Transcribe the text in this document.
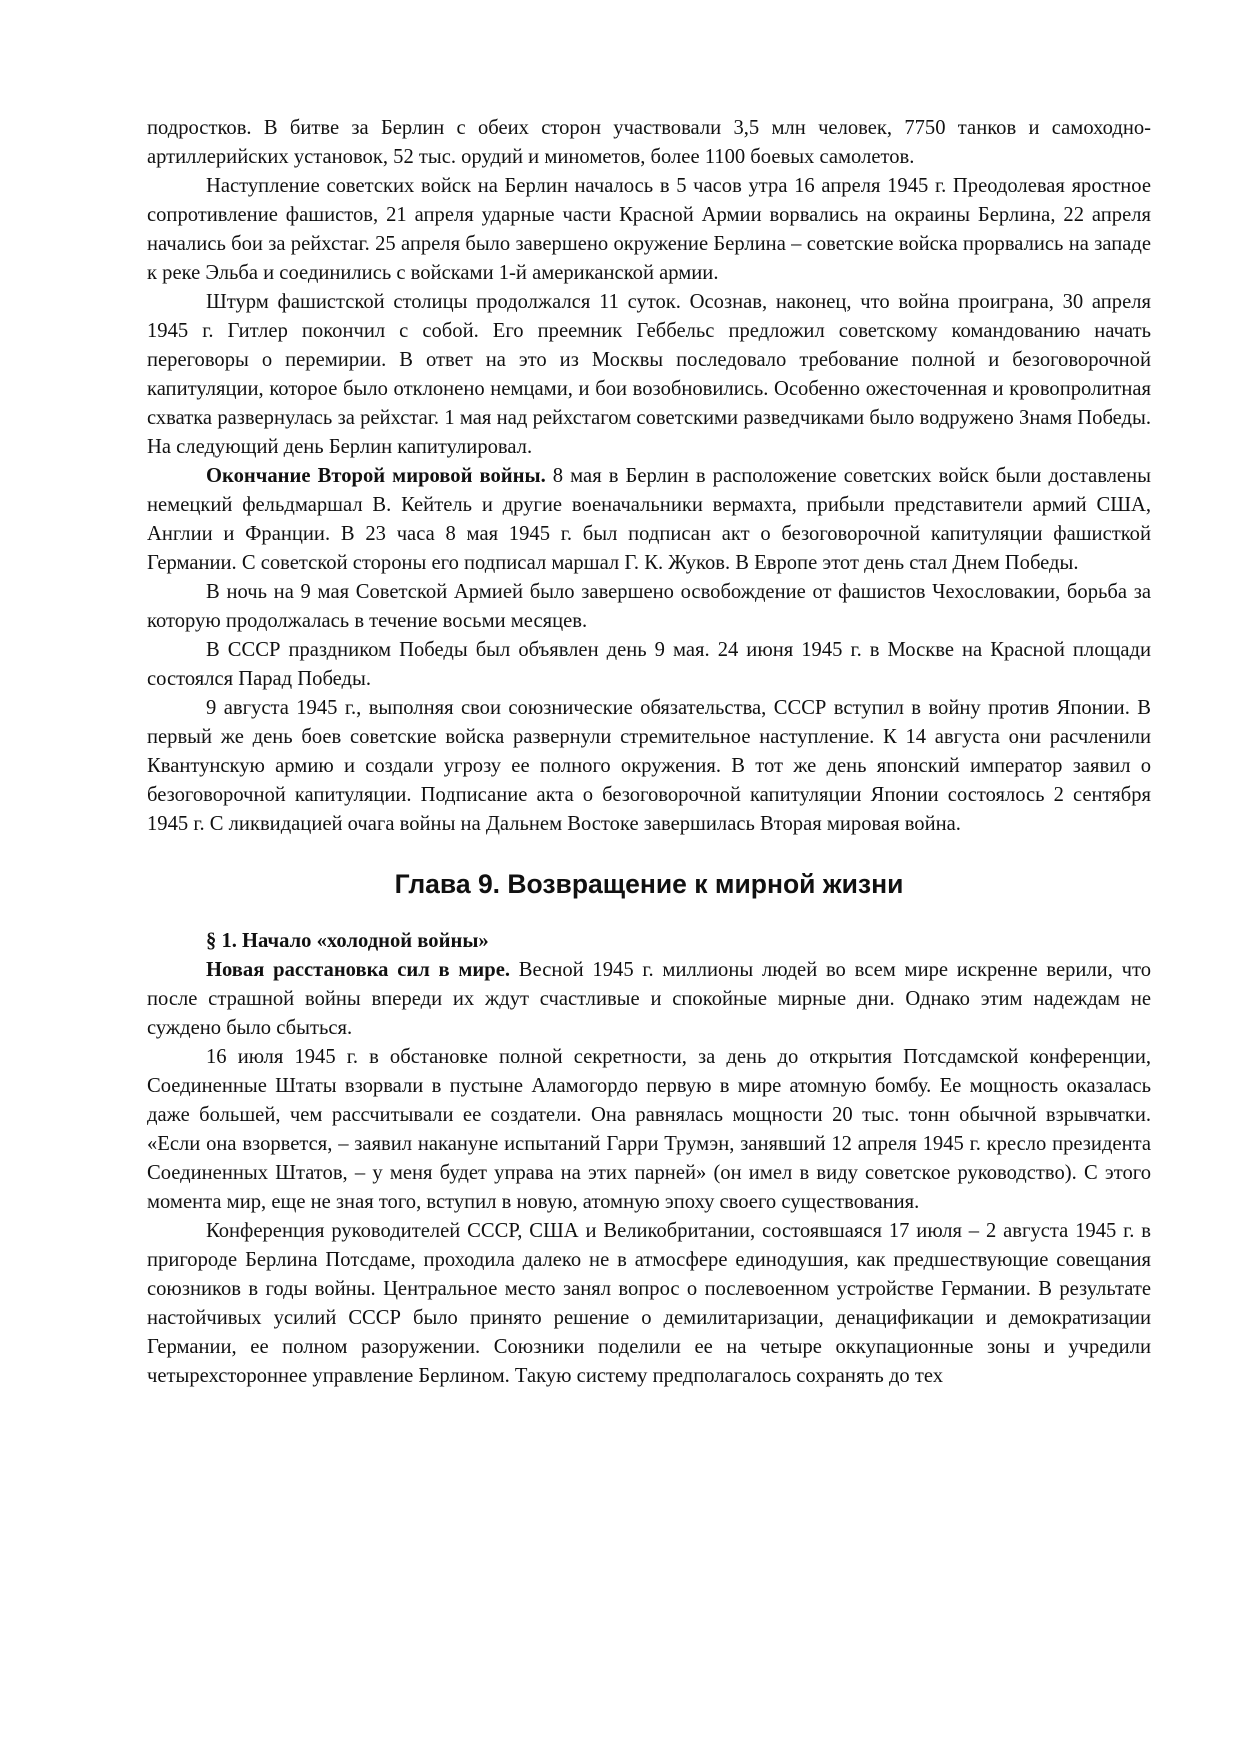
подростков. В битве за Берлин с обеих сторон участвовали 3,5 млн человек, 7750 танков и самоходно-артиллерийских установок, 52 тыс. орудий и минометов, более 1100 боевых самолетов.

Наступление советских войск на Берлин началось в 5 часов утра 16 апреля 1945 г. Преодолевая яростное сопротивление фашистов, 21 апреля ударные части Красной Армии ворвались на окраины Берлина, 22 апреля начались бои за рейхстаг. 25 апреля было завершено окружение Берлина – советские войска прорвались на западе к реке Эльба и соединились с войсками 1-й американской армии.

Штурм фашистской столицы продолжался 11 суток. Осознав, наконец, что война проиграна, 30 апреля 1945 г. Гитлер покончил с собой. Его преемник Геббельс предложил советскому командованию начать переговоры о перемирии. В ответ на это из Москвы последовало требование полной и безоговорочной капитуляции, которое было отклонено немцами, и бои возобновились. Особенно ожесточенная и кровопролитная схватка развернулась за рейхстаг. 1 мая над рейхстагом советскими разведчиками было водружено Знамя Победы. На следующий день Берлин капитулировал.

Окончание Второй мировой войны. 8 мая в Берлин в расположение советских войск были доставлены немецкий фельдмаршал В. Кейтель и другие военачальники вермахта, прибыли представители армий США, Англии и Франции. В 23 часа 8 мая 1945 г. был подписан акт о безоговорочной капитуляции фашисткой Германии. С советской стороны его подписал маршал Г. К. Жуков. В Европе этот день стал Днем Победы.

В ночь на 9 мая Советской Армией было завершено освобождение от фашистов Чехословакии, борьба за которую продолжалась в течение восьми месяцев.

В СССР праздником Победы был объявлен день 9 мая. 24 июня 1945 г. в Москве на Красной площади состоялся Парад Победы.

9 августа 1945 г., выполняя свои союзнические обязательства, СССР вступил в войну против Японии. В первый же день боев советские войска развернули стремительное наступление. К 14 августа они расчленили Квантунскую армию и создали угрозу ее полного окружения. В тот же день японский император заявил о безоговорочной капитуляции. Подписание акта о безоговорочной капитуляции Японии состоялось 2 сентября 1945 г. С ликвидацией очага войны на Дальнем Востоке завершилась Вторая мировая война.

Глава 9. Возвращение к мирной жизни

§ 1. Начало «холодной войны»

Новая расстановка сил в мире. Весной 1945 г. миллионы людей во всем мире искренне верили, что после страшной войны впереди их ждут счастливые и спокойные мирные дни. Однако этим надеждам не суждено было сбыться.

16 июля 1945 г. в обстановке полной секретности, за день до открытия Потсдамской конференции, Соединенные Штаты взорвали в пустыне Аламогордо первую в мире атомную бомбу. Ее мощность оказалась даже большей, чем рассчитывали ее создатели. Она равнялась мощности 20 тыс. тонн обычной взрывчатки. «Если она взорвется, – заявил накануне испытаний Гарри Трумэн, занявший 12 апреля 1945 г. кресло президента Соединенных Штатов, – у меня будет управа на этих парней» (он имел в виду советское руководство). С этого момента мир, еще не зная того, вступил в новую, атомную эпоху своего существования.

Конференция руководителей СССР, США и Великобритании, состоявшаяся 17 июля – 2 августа 1945 г. в пригороде Берлина Потсдаме, проходила далеко не в атмосфере единодушия, как предшествующие совещания союзников в годы войны. Центральное место занял вопрос о послевоенном устройстве Германии. В результате настойчивых усилий СССР было принято решение о демилитаризации, денацификации и демократизации Германии, ее полном разоружении. Союзники поделили ее на четыре оккупационные зоны и учредили четырехстороннее управление Берлином. Такую систему предполагалось сохранять до тех
